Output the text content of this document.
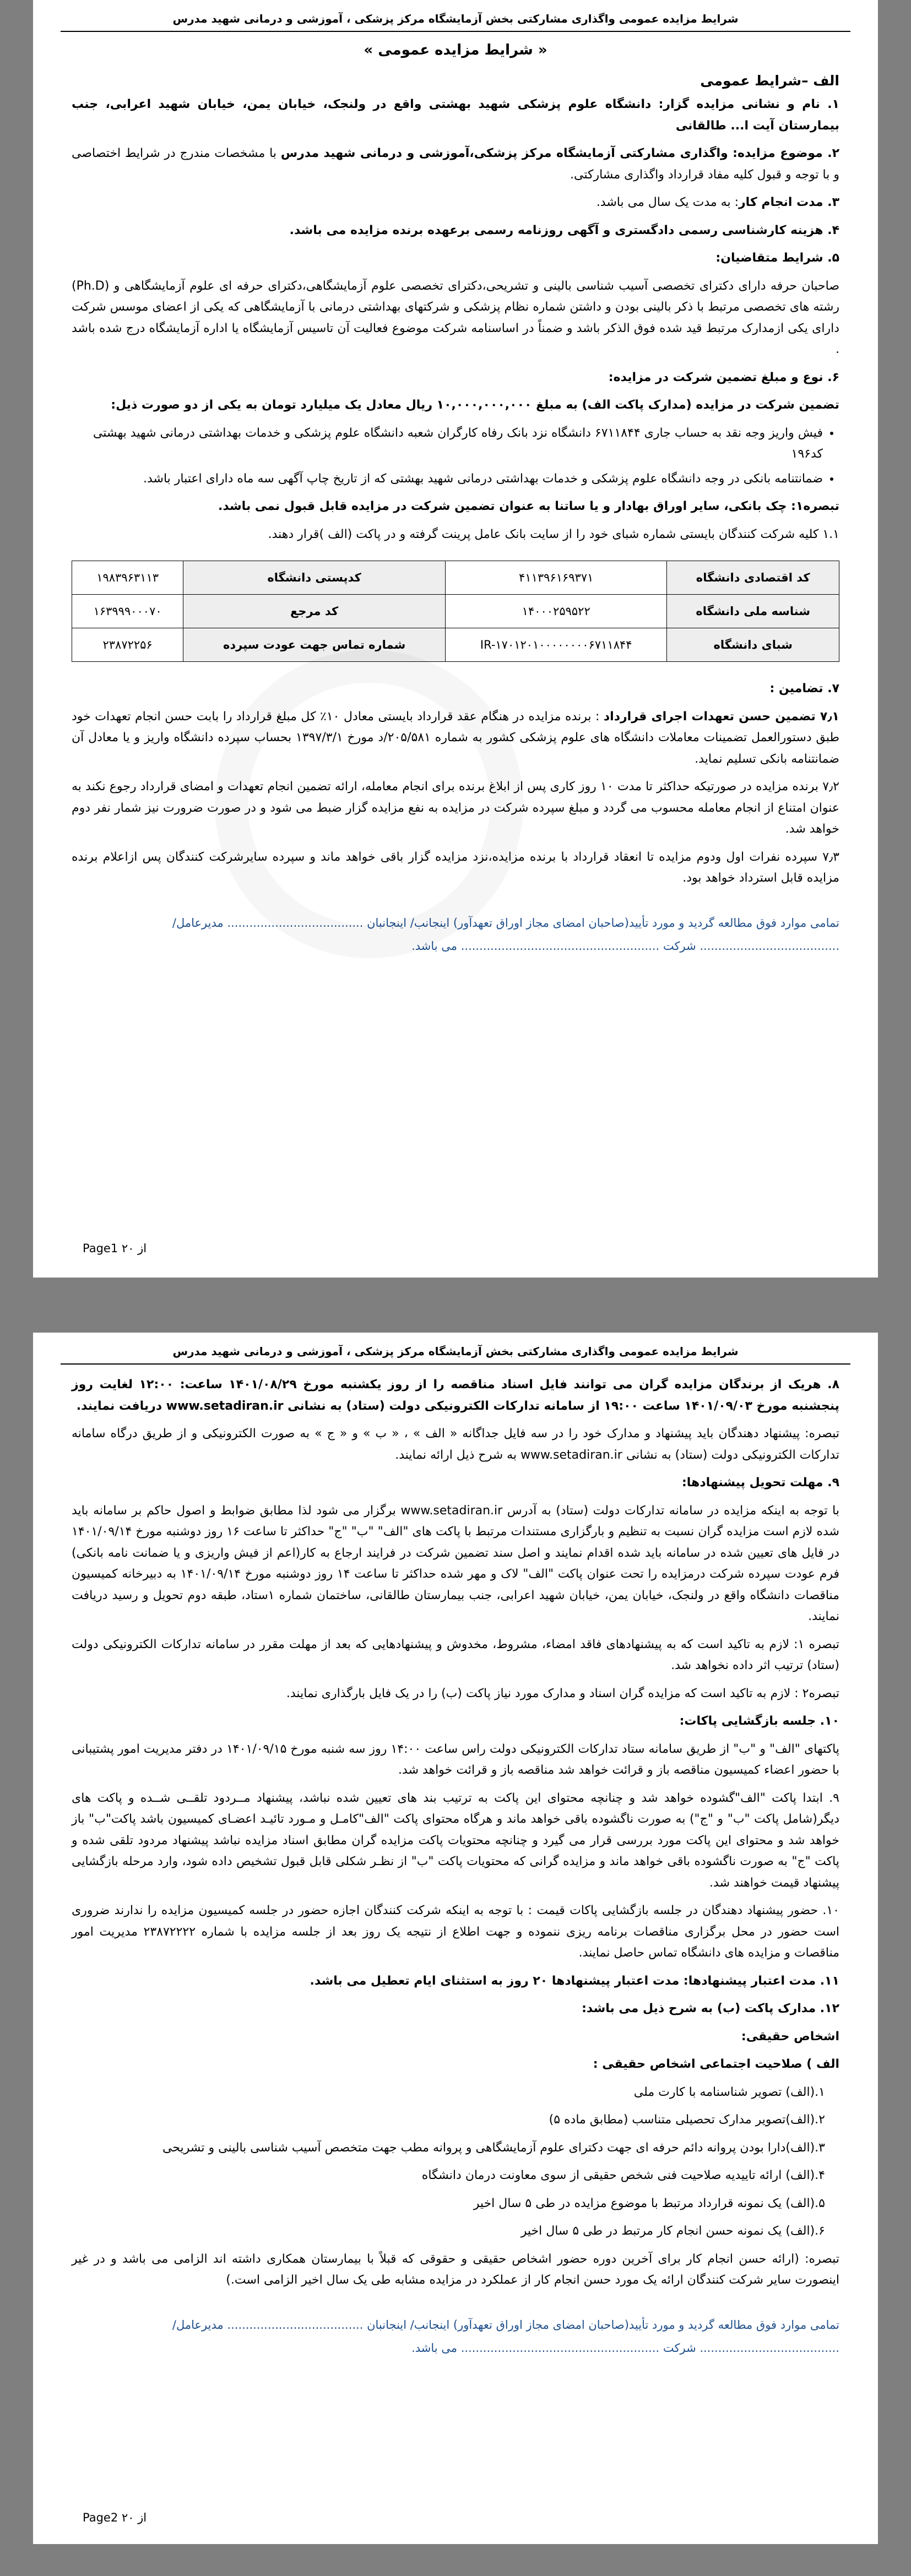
شرایط مزایده عمومی واگذاری مشارکتی بخش آزمایشگاه مرکز پزشکی ، آموزشی و درمانی شهید مدرس
« شرایط مزایده عمومی »
الف –شرایط عمومی

۱. نام و نشانی مزایده گزار: دانشگاه علوم پزشکی شهید بهشتی واقع در ولنجک، خیابان یمن، خیابان شهید اعرابی، جنب بیمارستان آیت ا... طالقانی

۲. موضوع مزایده: واگذاری مشارکتی آزمایشگاه مرکز پزشکی،آموزشی و درمانی شهید مدرس با مشخصات مندرج در شرایط اختصاصی و با توجه و قبول کلیه مفاد قرارداد واگذاری مشارکتی.

۳. مدت انجام کار: به مدت یک سال می باشد.

۴. هزینه کارشناسی رسمی دادگستری و آگهی روزنامه رسمی برعهده برنده مزایده می باشد.

۵. شرایط متقاضیان:

صاحبان حرفه دارای دکترای تخصصی آسیب شناسی بالینی و تشریحی،دکترای تخصصی علوم آزمایشگاهی،دکترای حرفه ای علوم آزمایشگاهی و (Ph.D) رشته های تخصصی مرتبط با ذکر بالینی بودن و داشتن شماره نظام پزشکی و شرکتهای بهداشتی درمانی با آزمایشگاهی که یکی از اعضای موسس شرکت دارای یکی ازمدارک مرتبط قید شده فوق الذکر باشد و ضمناً در اساسنامه شرکت موضوع فعالیت آن تاسیس آزمایشگاه یا اداره آزمایشگاه درج شده باشد .

۶. نوع و مبلغ تضمین شرکت در مزایده:

تضمین شرکت در مزایده (مدارک پاکت الف) به مبلغ ۱۰,۰۰۰,۰۰۰,۰۰۰ ریال معادل یک میلیارد تومان به یکی از دو صورت ذیل:

• فیش واریز وجه نقد به حساب جاری ۶۷۱۱۸۴۴ دانشگاه نزد بانک رفاه کارگران شعبه دانشگاه علوم پزشکی و خدمات بهداشتی درمانی شهید بهشتی کد۱۹۶
• ضمانتنامه بانکی در وجه دانشگاه علوم پزشکی و خدمات بهداشتی درمانی شهید بهشتی که از تاریخ چاپ آگهی سه ماه دارای اعتبار باشد.

تبصره۱: چک بانکی، سایر اوراق بهادار و یا ساتنا به عنوان تضمین شرکت در مزایده قابل قبول نمی باشد.

۱.۱ کلیه شرکت کنندگان بایستی شماره شبای خود را از سایت بانک عامل پرینت گرفته و در پاکت (الف )قرار دهند.

کد اقتصادی دانشگاه	۴۱۱۳۹۶۱۶۹۳۷۱	کدپستی دانشگاه	۱۹۸۳۹۶۳۱۱۳
شناسه ملی دانشگاه	۱۴۰۰۰۲۵۹۵۲۲	کد مرجع	۱۶۳۹۹۹۰۰۰۷۰
شبای دانشگاه	IR-۱۷۰۱۲۰۱۰۰۰۰۰۰۰۰۶۷۱۱۸۴۴	شماره تماس جهت عودت سپرده	۲۳۸۷۲۲۵۶

۷. تضامین :

۷٫۱ تضمین حسن تعهدات اجرای قرارداد : برنده مزایده در هنگام عقد قرارداد بایستی معادل ۱۰٪ کل مبلغ قرارداد را بابت حسن انجام تعهدات خود طبق دستورالعمل تضمینات معاملات دانشگاه های علوم پزشکی کشور به شماره ۲۰۵/۵۸۱/د مورخ ۱۳۹۷/۳/۱ بحساب سپرده دانشگاه واریز و یا معادل آن ضمانتنامه بانکی تسلیم نماید.

۷٫۲ برنده مزایده در صورتیکه حداکثر تا مدت ۱۰ روز کاری پس از ابلاغ برنده برای انجام معامله، ارائه تضمین انجام تعهدات و امضای قرارداد رجوع نکند به عنوان امتناع از انجام معامله محسوب می گردد و مبلغ سپرده شرکت در مزایده به نفع مزایده گزار ضبط می شود و در صورت ضرورت نیز شمار نفر دوم خواهد شد.

۷٫۳ سپرده نفرات اول ودوم مزایده تا انعقاد قرارداد با برنده مزایده،نزد مزایده گزار باقی خواهد ماند و سپرده سایرشرکت کنندگان پس ازاعلام برنده مزایده قابل استرداد خواهد بود.

تمامی موارد فوق مطالعه گردید و مورد تأیید(صاحبان امضای مجاز اوراق تعهدآور) اینجانب/ اینجانبان ..................................... مدیرعامل/
...................................... شرکت ...................................................... می باشد.
Page1 از ۲۰
شرایط مزایده عمومی واگذاری مشارکتی بخش آزمایشگاه مرکز پزشکی ، آموزشی و درمانی شهید مدرس

۸. هریک از برندگان مزایده گران می توانند فایل اسناد مناقصه را از روز یکشنبه مورخ ۱۴۰۱/۰۸/۲۹ ساعت: ۱۲:۰۰ لغایت روز پنجشنبه مورخ ۱۴۰۱/۰۹/۰۳ ساعت ۱۹:۰۰ از سامانه تدارکات الکترونیکی دولت (ستاد) به نشانی www.setadiran.ir دریافت نمایند.

تبصره: پیشنهاد دهندگان باید پیشنهاد و مدارک خود را در سه فایل جداگانه « الف » ، « ب » و « ج » به صورت الکترونیکی و از طریق درگاه سامانه تدارکات الکترونیکی دولت (ستاد) به نشانی www.setadiran.ir به شرح ذیل ارائه نمایند.

۹. مهلت تحویل پیشنهادها:

با توجه به اینکه مزایده در سامانه تدارکات دولت (ستاد) به آدرس www.setadiran.ir برگزار می شود لذا مطابق ضوابط و اصول حاکم بر سامانه باید شده لازم است مزایده گران نسبت به تنظیم و بارگزاری مستندات مرتبط با پاکت های "الف" "ب" "ج" حداکثر تا ساعت ۱۶ روز دوشنبه مورخ ۱۴۰۱/۰۹/۱۴ در فایل های تعیین شده در سامانه باید شده اقدام نمایند و اصل سند تضمین شرکت در فرایند ارجاع به کار(اعم از فیش واریزی و یا ضمانت نامه بانکی) فرم عودت سپرده شرکت درمزایده را تحت عنوان پاکت "الف" لاک و مهر شده حداکثر تا ساعت ۱۴ روز دوشنبه مورخ ۱۴۰۱/۰۹/۱۴ به دبیرخانه کمیسیون مناقصات دانشگاه واقع در ولنجک، خیابان یمن، خیابان شهید اعرابی، جنب بیمارستان طالقانی، ساختمان شماره ۱ستاد، طبقه دوم تحویل و رسید دریافت نمایند.

تبصره ۱: لازم به تاکید است که به پیشنهادهای فاقد امضاء، مشروط، مخدوش و پیشنهادهایی که بعد از مهلت مقرر در سامانه تدارکات الکترونیکی دولت (ستاد) ترتیب اثر داده نخواهد شد.

تبصره۲ : لازم به تاکید است که مزایده گران اسناد و مدارک مورد نیاز پاکت (ب) را در یک فایل بارگذاری نمایند.

۱۰. جلسه بازگشایی پاکات:

پاکتهای "الف" و "ب" از طریق سامانه ستاد تدارکات الکترونیکی دولت راس ساعت ۱۴:۰۰ روز سه شنبه مورخ ۱۴۰۱/۰۹/۱۵ در دفتر مدیریت امور پشتیبانی با حضور اعضاء کمیسیون مناقصه باز و قرائت خواهد شد مناقصه باز و قرائت خواهد شد.

۹. ابتدا پاکت "الف"گشوده خواهد شد و چنانچه محتوای این پاکت به ترتیب بند های تعیین شده نباشد، پیشنهاد مــردود تلقــی شــده و پاکت های دیگر(شامل پاکت "ب" و "ج") به صورت ناگشوده باقی خواهد ماند و هرگاه محتوای پاکت "الف"کامـل و مـورد تائیـد اعضـای کمیسیون باشد پاکت"ب" باز خواهد شد و محتوای این پاکت مورد بررسی قرار می گیرد و چنانچه محتویات پاکت مزایده گران مطابق اسناد مزایده نباشد پیشنهاد مردود تلقی شده و پاکت "ج" به صورت ناگشوده باقی خواهد ماند و مزایده گرانی که محتویات پاکت "ب" از نظـر شکلی قابل قبول تشخیص داده شود، وارد مرحله بازگشایی پیشنهاد قیمت خواهند شد.

۱۰. حضور پیشنهاد دهندگان در جلسه بازگشایی پاکات قیمت : با توجه به اینکه شرکت کنندگان اجازه حضور در جلسه کمیسیون مزایده را ندارند ضروری است حضور در محل برگزاری مناقصات برنامه ریزی ننموده و جهت اطلاع از نتیجه یک روز بعد از جلسه مزایده با شماره ۲۳۸۷۲۲۲۲ مدیریت امور مناقصات و مزایده های دانشگاه تماس حاصل نمایند.

۱۱. مدت اعتبار پیشنهادها: مدت اعتبار پیشنهادها ۲۰ روز به استثنای ایام تعطیل می باشد.

۱۲. مدارک پاکت (ب) به شرح ذیل می باشد:

اشخاص حقیقی:

الف ) صلاحیت اجتماعی اشخاص حقیقی :

۱.(الف) تصویر شناسنامه با کارت ملی

۲.(الف)تصویر مدارک تحصیلی متناسب (مطابق ماده ۵)

۳.(الف)دارا بودن پروانه دائم حرفه ای جهت دکترای علوم آزمایشگاهی و پروانه مطب جهت متخصص آسیب شناسی بالینی و تشریحی

۴.(الف) ارائه تاییدیه صلاحیت فنی شخص حقیقی از سوی معاونت درمان دانشگاه

۵.(الف) یک نمونه قرارداد مرتبط با موضوع مزایده در طی ۵ سال اخیر

۶.(الف) یک نمونه حسن انجام کار مرتبط در طی ۵ سال اخیر

تبصره: (ارائه حسن انجام کار برای آخرین دوره حضور اشخاص حقیقی و حقوقی که قبلاً با بیمارستان همکاری داشته اند الزامی می باشد و در غیر اینصورت سایر شرکت کنندگان ارائه یک مورد حسن انجام کار از عملکرد در مزایده مشابه طی یک سال اخیر الزامی است.)

تمامی موارد فوق مطالعه گردید و مورد تأیید(صاحبان امضای مجاز اوراق تعهدآور) اینجانب/ اینجانبان ..................................... مدیرعامل/
...................................... شرکت ...................................................... می باشد.
Page2 از ۲۰
